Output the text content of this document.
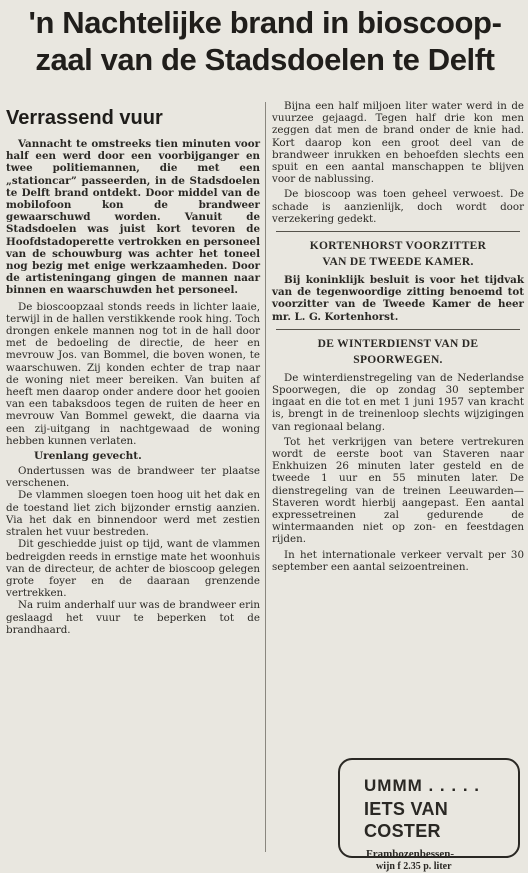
'n Nachtelijke brand in bioscoop-
zaal van de Stadsdoelen te Delft
Verrassend vuur

Vannacht te omstreeks tien minuten voor half een werd door een voorbijganger en twee politiemannen, die met een „stationcar” passeerden, in de Stadsdoelen te Delft brand ontdekt. Door middel van de mobilofoon kon de brandweer gewaarschuwd worden. Vanuit de Stadsdoelen was juist kort tevoren de Hoofdstadoperette vertrokken en personeel van de schouwburg was achter het toneel nog bezig met enige werkzaamheden. Door de artisteningang gingen de mannen naar binnen en waarschuwden het personeel.

De bioscoopzaal stonds reeds in lichter laaie, terwijl in de hallen verstikkende rook hing. Toch drongen enkele mannen nog tot in de hall door met de bedoeling de directie, de heer en mevrouw Jos. van Bommel, die boven wonen, te waarschuwen. Zij konden echter de trap naar de woning niet meer bereiken. Van buiten af heeft men daarop onder andere door het gooien van een tabaksdoos tegen de ruiten de heer en mevrouw Van Bommel gewekt, die daarna via een zij-uitgang in nachtgewaad de woning hebben kunnen verlaten.

Urenlang gevecht.

Ondertussen was de brandweer ter plaatse verschenen.

De vlammen sloegen toen hoog uit het dak en de toestand liet zich bijzonder ernstig aanzien. Via het dak en binnendoor werd met zestien stralen het vuur bestreden.

Dit geschiedde juist op tijd, want de vlammen bedreigden reeds in ernstige mate het woonhuis van de directeur, de achter de bioscoop gelegen grote foyer en de daaraan grenzende vertrekken.

Na ruim anderhalf uur was de brandweer erin geslaagd het vuur te beperken tot de brandhaard.

Bijna een half miljoen liter water werd in de vuurzee gejaagd. Tegen half drie kon men zeggen dat men de brand onder de knie had. Kort daarop kon een groot deel van de brandweer inrukken en behoefden slechts een spuit en een aantal manschappen te blijven voor de nablussing.

De bioscoop was toen geheel verwoest. De schade is aanzienlijk, doch wordt door verzekering gedekt.

KORTENHORST VOORZITTER
VAN DE TWEEDE KAMER.

Bij koninklijk besluit is voor het tijdvak van de tegenwoordige zitting benoemd tot voorzitter van de Tweede Kamer de heer mr. L. G. Kortenhorst.

DE WINTERDIENST VAN DE
SPOORWEGEN.

De winterdienstregeling van de Nederlandse Spoorwegen, die op zondag 30 september ingaat en die tot en met 1 juni 1957 van kracht is, brengt in de treinenloop slechts wijzigingen van regionaal belang.

Tot het verkrijgen van betere vertrekuren wordt de eerste boot van Staveren naar Enkhuizen 26 minuten later gesteld en de tweede 1 uur en 55 minuten later. De dienstregeling van de treinen Leeuwarden—Staveren wordt hierbij aangepast. Een aantal expressetreinen zal gedurende de wintermaanden niet op zon- en feestdagen rijden.

In het internationale verkeer vervalt per 30 september een aantal seizoentreinen.

UMMM . . . . .
IETS VAN COSTER
Frambozenbessen-
wijn f 2.35 p. liter
